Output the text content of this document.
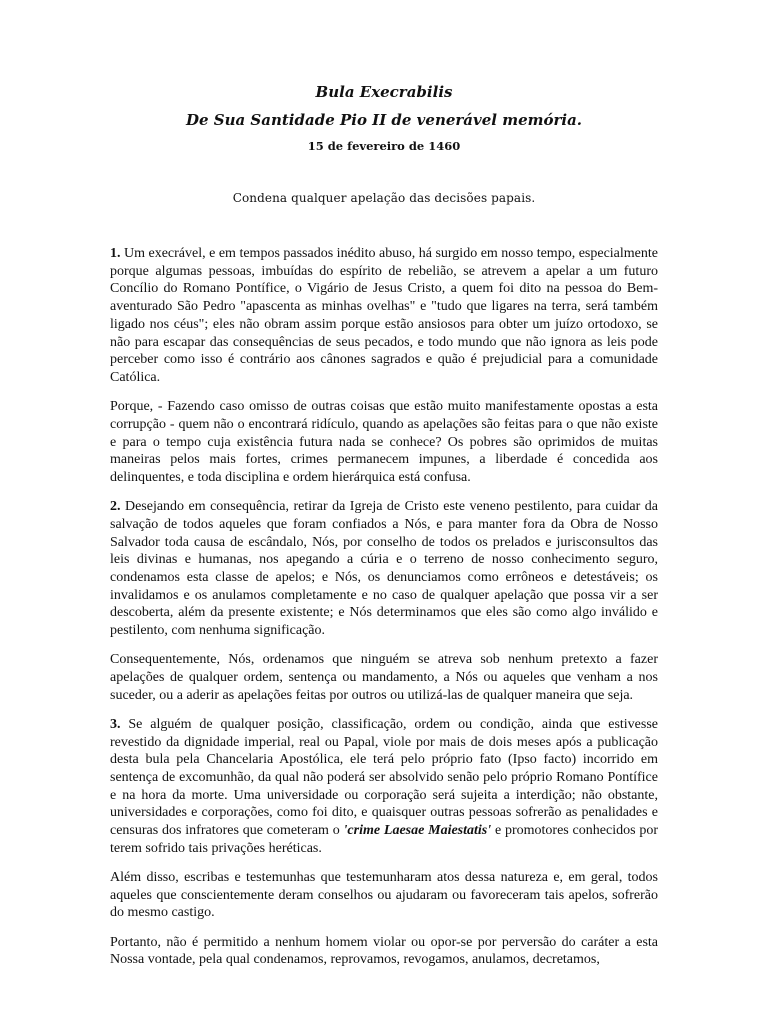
Bula Execrabilis
De Sua Santidade Pio II de venerável memória.
15 de fevereiro de 1460
Condena qualquer apelação das decisões papais.

1. Um execrável, e em tempos passados inédito abuso, há surgido em nosso tempo, especialmente porque algumas pessoas, imbuídas do espírito de rebelião, se atrevem a apelar a um futuro Concílio do Romano Pontífice, o Vigário de Jesus Cristo, a quem foi dito na pessoa do Bem-aventurado São Pedro "apascenta as minhas ovelhas" e "tudo que ligares na terra, será também ligado nos céus"; eles não obram assim porque estão ansiosos para obter um juízo ortodoxo, se não para escapar das consequências de seus pecados, e todo mundo que não ignora as leis pode perceber como isso é contrário aos cânones sagrados e quão é prejudicial para a comunidade Católica.

Porque, - Fazendo caso omisso de outras coisas que estão muito manifestamente opostas a esta corrupção - quem não o encontrará ridículo, quando as apelações são feitas para o que não existe e para o tempo cuja existência futura nada se conhece? Os pobres são oprimidos de muitas maneiras pelos mais fortes, crimes permanecem impunes, a liberdade é concedida aos delinquentes, e toda disciplina e ordem hierárquica está confusa.

2. Desejando em consequência, retirar da Igreja de Cristo este veneno pestilento, para cuidar da salvação de todos aqueles que foram confiados a Nós, e para manter fora da Obra de Nosso Salvador toda causa de escândalo, Nós, por conselho de todos os prelados e jurisconsultos das leis divinas e humanas, nos apegando a cúria e o terreno de nosso conhecimento seguro, condenamos esta classe de apelos; e Nós, os denunciamos como errôneos e detestáveis; os invalidamos e os anulamos completamente e no caso de qualquer apelação que possa vir a ser descoberta, além da presente existente; e Nós determinamos que eles são como algo inválido e pestilento, com nenhuma significação.

Consequentemente, Nós, ordenamos que ninguém se atreva sob nenhum pretexto a fazer apelações de qualquer ordem, sentença ou mandamento, a Nós ou aqueles que venham a nos suceder, ou a aderir as apelações feitas por outros ou utilizá-las de qualquer maneira que seja.

3. Se alguém de qualquer posição, classificação, ordem ou condição, ainda que estivesse revestido da dignidade imperial, real ou Papal, viole por mais de dois meses após a publicação desta bula pela Chancelaria Apostólica, ele terá pelo próprio fato (Ipso facto) incorrido em sentença de excomunhão, da qual não poderá ser absolvido senão pelo próprio Romano Pontífice e na hora da morte. Uma universidade ou corporação será sujeita a interdição; não obstante, universidades e corporações, como foi dito, e quaisquer outras pessoas sofrerão as penalidades e censuras dos infratores que cometeram o 'crime Laesae Maiestatis' e promotores conhecidos por terem sofrido tais privações heréticas.

Além disso, escribas e testemunhas que testemunharam atos dessa natureza e, em geral, todos aqueles que conscientemente deram conselhos ou ajudaram ou favoreceram tais apelos, sofrerão do mesmo castigo.

Portanto, não é permitido a nenhum homem violar ou opor-se por perversão do caráter a esta Nossa vontade, pela qual condenamos, reprovamos, revogamos, anulamos, decretamos,
